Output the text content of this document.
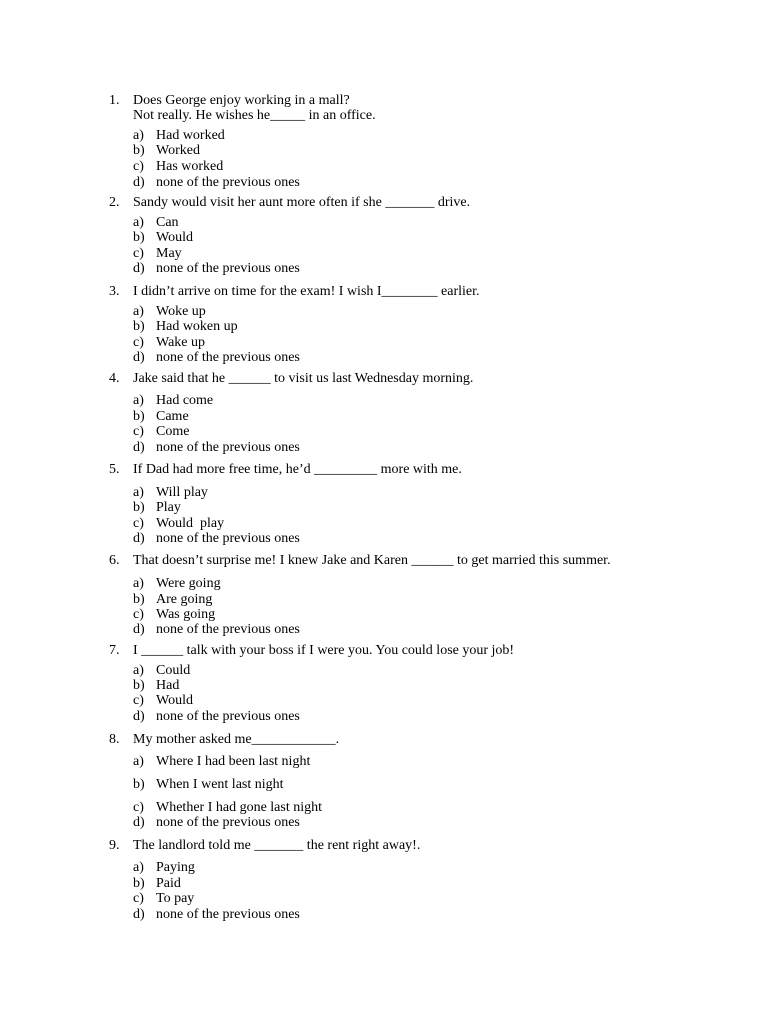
1. Does George enjoy working in a mall?
Not really. He wishes he_____ in an office.
a) Had worked
b) Worked
c) Has worked
d) none of the previous ones
2. Sandy would visit her aunt more often if she _______ drive.
a) Can
b) Would
c) May
d) none of the previous ones
3. I didn’t arrive on time for the exam! I wish I________ earlier.
a) Woke up
b) Had woken up
c) Wake up
d) none of the previous ones
4. Jake said that he ______ to visit us last Wednesday morning.
a) Had come
b) Came
c) Come
d) none of the previous ones
5. If Dad had more free time, he’d _________ more with me.
a) Will play
b) Play
c) Would  play
d) none of the previous ones
6. That doesn’t surprise me! I knew Jake and Karen ______ to get married this summer.
a) Were going
b) Are going
c) Was going
d) none of the previous ones
7. I ______ talk with your boss if I were you. You could lose your job!
a) Could
b) Had
c) Would
d) none of the previous ones
8. My mother asked me____________.
a) Where I had been last night
b) When I went last night
c) Whether I had gone last night
d) none of the previous ones
9. The landlord told me _______ the rent right away!.
a) Paying
b) Paid
c) To pay
d) none of the previous ones
